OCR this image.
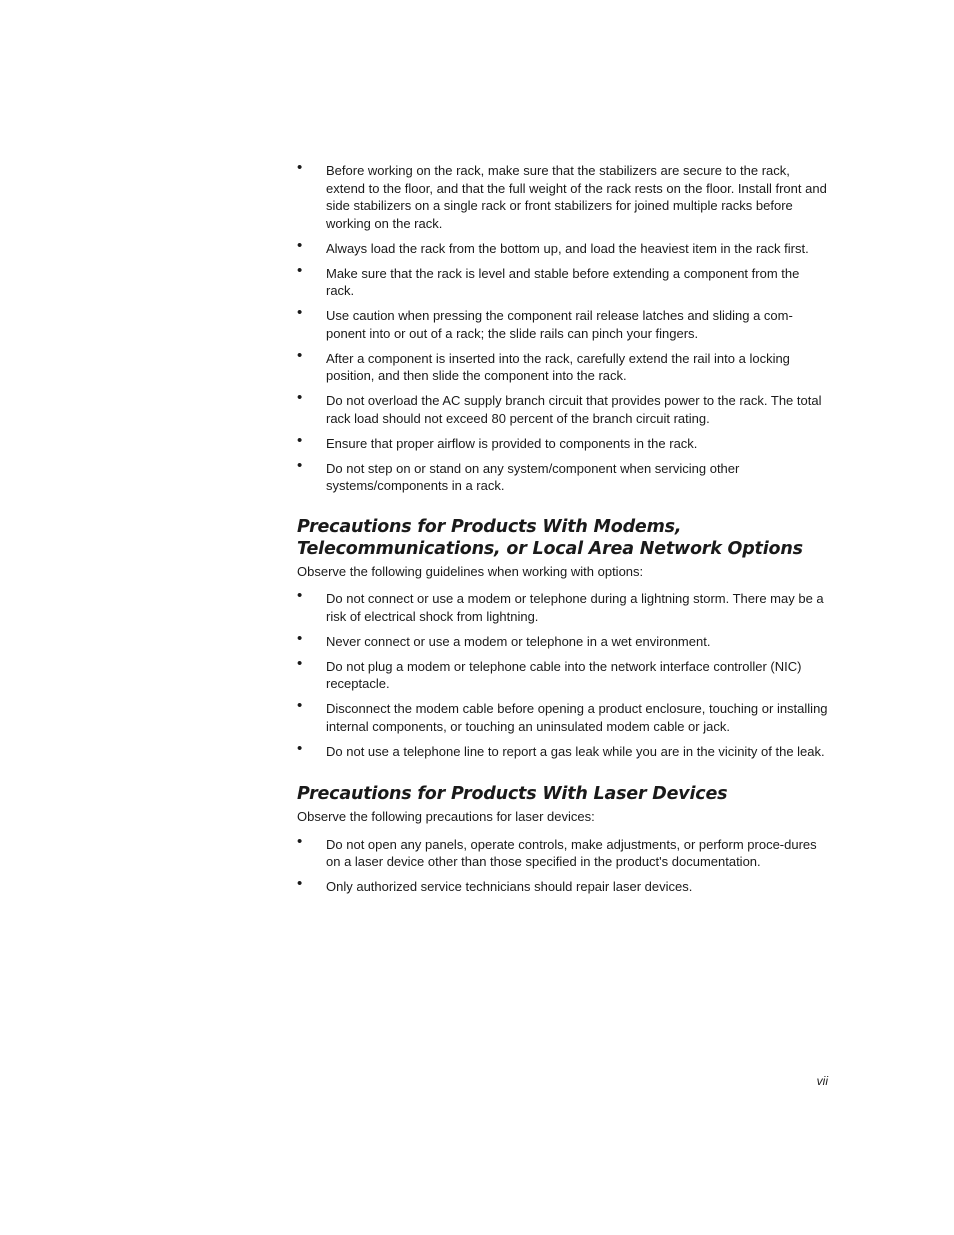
• Before working on the rack, make sure that the stabilizers are secure to the rack, extend to the floor, and that the full weight of the rack rests on the floor. Install front and side stabilizers on a single rack or front stabilizers for joined multiple racks before working on the rack.
• Always load the rack from the bottom up, and load the heaviest item in the rack first.
• Make sure that the rack is level and stable before extending a component from the rack.
• Use caution when pressing the component rail release latches and sliding a com-ponent into or out of a rack; the slide rails can pinch your fingers.
• After a component is inserted into the rack, carefully extend the rail into a locking position, and then slide the component into the rack.
• Do not overload the AC supply branch circuit that provides power to the rack. The total rack load should not exceed 80 percent of the branch circuit rating.
• Ensure that proper airflow is provided to components in the rack.
• Do not step on or stand on any system/component when servicing other systems/components in a rack.
Precautions for Products With Modems,
Telecommunications, or Local Area Network Options

Observe the following guidelines when working with options:

• Do not connect or use a modem or telephone during a lightning storm. There may be a risk of electrical shock from lightning.
• Never connect or use a modem or telephone in a wet environment.
• Do not plug a modem or telephone cable into the network interface controller (NIC) receptacle.
• Disconnect the modem cable before opening a product enclosure, touching or installing internal components, or touching an uninsulated modem cable or jack.
• Do not use a telephone line to report a gas leak while you are in the vicinity of the leak.
Precautions for Products With Laser Devices

Observe the following precautions for laser devices:

• Do not open any panels, operate controls, make adjustments, or perform proce-dures on a laser device other than those specified in the product's documentation.
• Only authorized service technicians should repair laser devices.
vii
